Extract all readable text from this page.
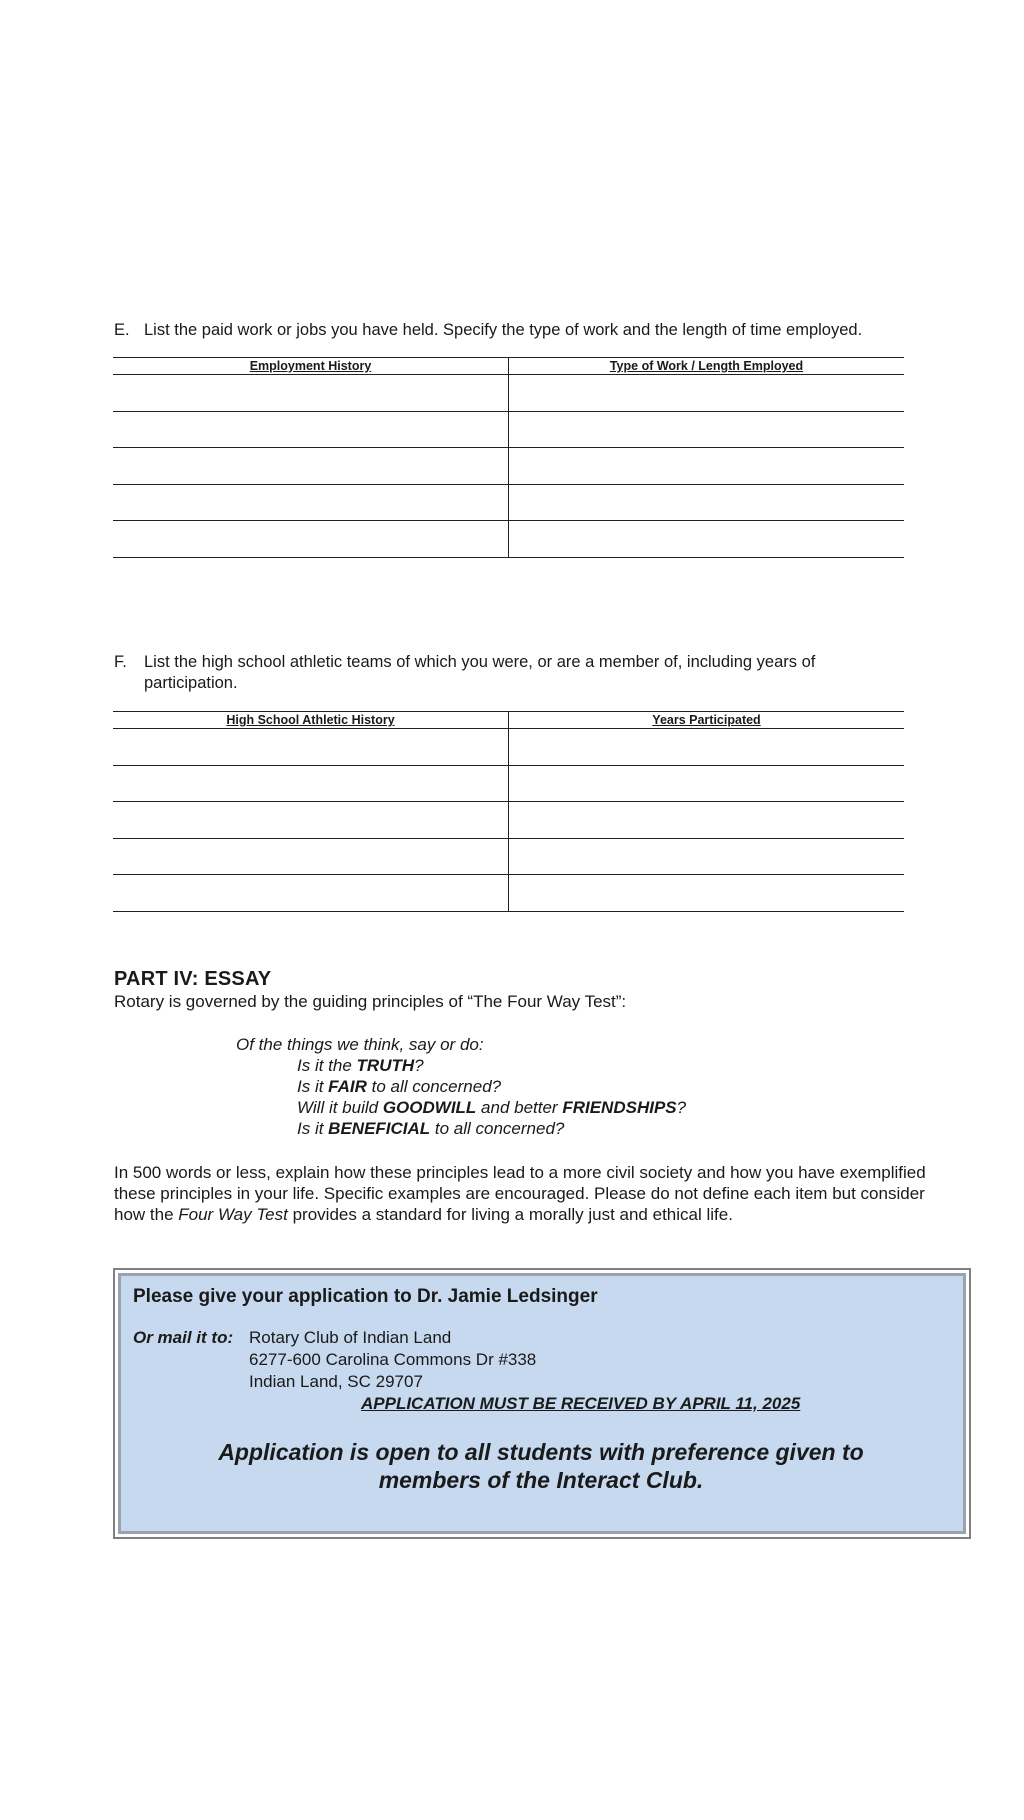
E. List the paid work or jobs you have held. Specify the type of work and the length of time employed.
Employment History	Type of Work / Length Employed

F. List the high school athletic teams of which you were, or are a member of, including years of participation.
High School Athletic History	Years Participated

PART IV: ESSAY
Rotary is governed by the guiding principles of “The Four Way Test”:
Of the things we think, say or do:
Is it the TRUTH?
Is it FAIR to all concerned?
Will it build GOODWILL and better FRIENDSHIPS?
Is it BENEFICIAL to all concerned?
In 500 words or less, explain how these principles lead to a more civil society and how you have exemplified these principles in your life. Specific examples are encouraged. Please do not define each item but consider how the Four Way Test provides a standard for living a morally just and ethical life.
Please give your application to Dr. Jamie Ledsinger
Or mail it to: Rotary Club of Indian Land
6277-600 Carolina Commons Dr #338
Indian Land, SC 29707
APPLICATION MUST BE RECEIVED BY APRIL 11, 2025
Application is open to all students with preference given to members of the Interact Club.
